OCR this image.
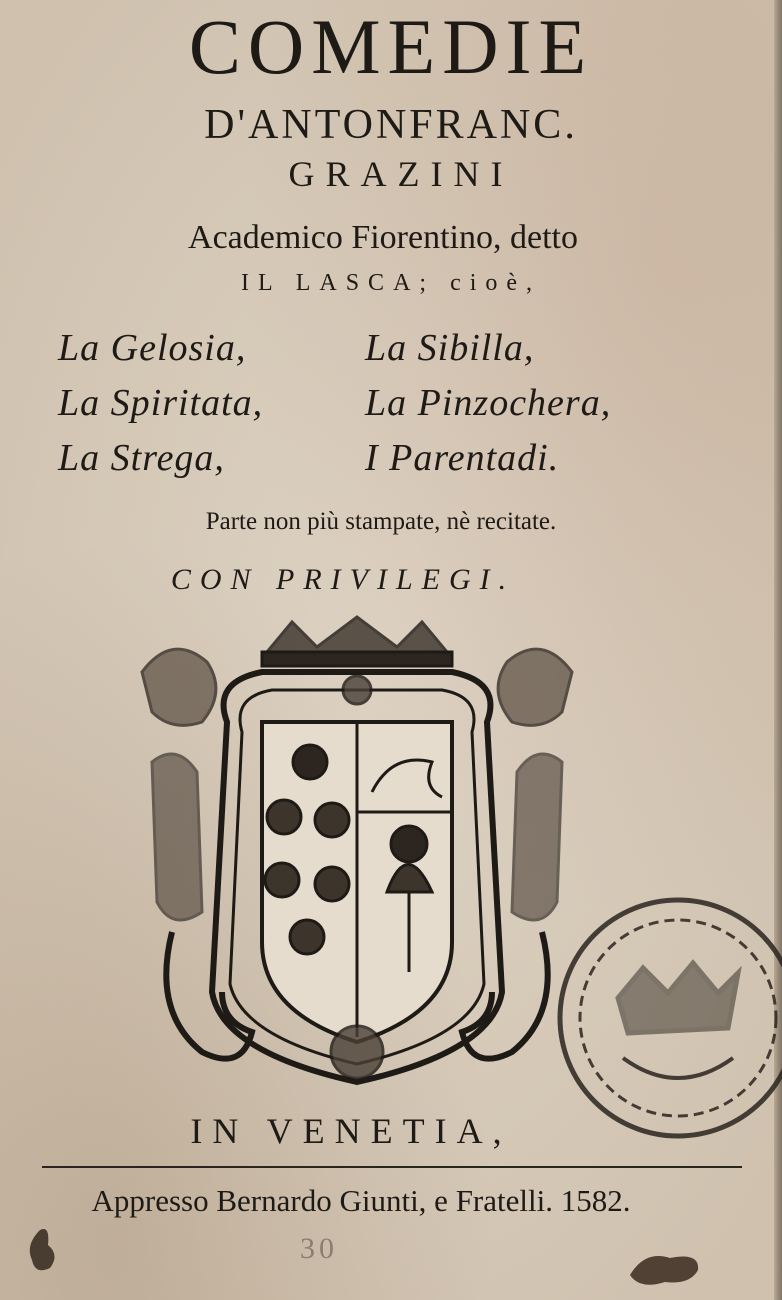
COMEDIE
D'ANTONFRANC.
GRAZINI
Academico Fiorentino, detto
IL LASCA; cioè,
La Gelosia,
La Spiritata,
La Strega,
La Sibilla,
La Pinzochera,
I Parentadi.
Parte non più stampate, nè recitate.
CON PRIVILEGI.
IN VENETIA,
Appresso Bernardo Giunti, e Fratelli. 1582.
30
